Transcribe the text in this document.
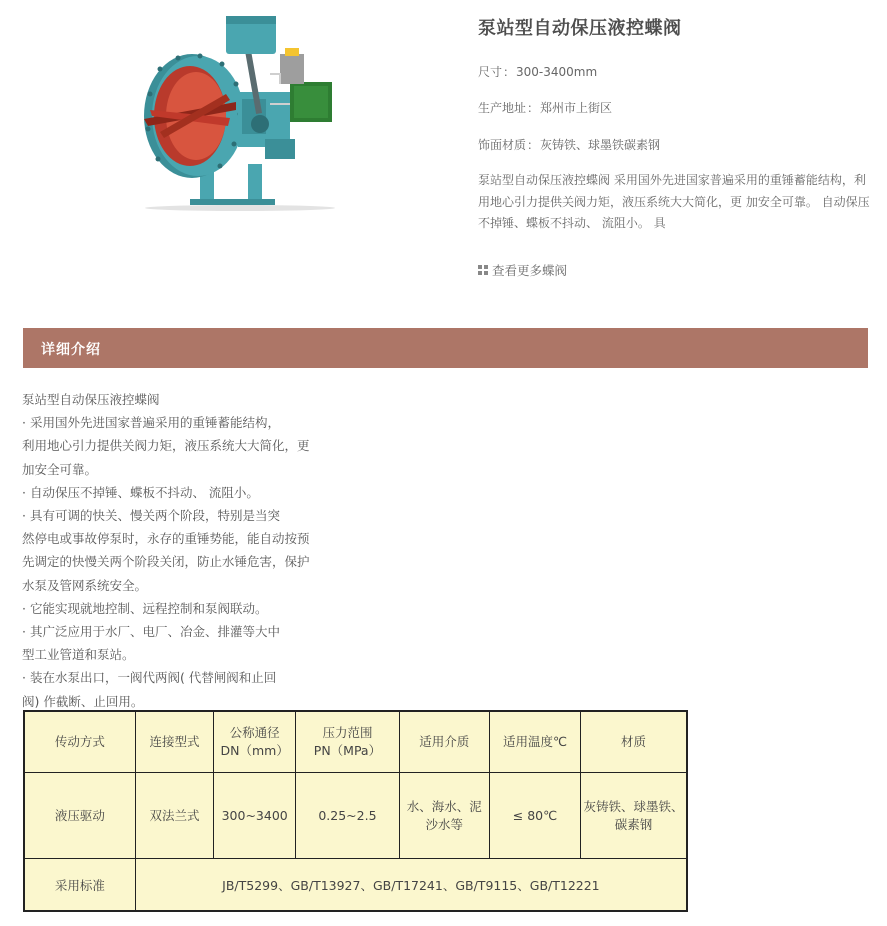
泵站型自动保压液控蝶阀
尺寸：300-3400mm
生产地址：郑州市上街区
饰面材质：灰铸铁、球墨铁碳素钢
泵站型自动保压液控蝶阀 采用国外先进国家普遍采用的重锤蓄能结构，利用地心引力提供关阀力矩，液压系统大大简化，更 加安全可靠。 自动保压不掉锤、蝶板不抖动、 流阻小。 具
查看更多蝶阀
详细介绍
泵站型自动保压液控蝶阀
· 采用国外先进国家普遍采用的重锤蓄能结构，
利用地心引力提供关阀力矩，液压系统大大简化，更
加安全可靠。
· 自动保压不掉锤、蝶板不抖动、 流阻小。
· 具有可调的快关、慢关两个阶段，特别是当突
然停电或事故停泵时，永存的重锤势能，能自动按预
先调定的快慢关两个阶段关闭，防止水锤危害，保护
水泵及管网系统安全。
· 它能实现就地控制、远程控制和泵阀联动。
· 其广泛应用于水厂、电厂、冶金、排灌等大中
型工业管道和泵站。
· 装在水泵出口，一阀代两阀( 代替闸阀和止回
阀) 作截断、止回用。
传动方式	连接型式	公称通径
DN（mm）	压力范围
PN（MPa）	适用介质	适用温度℃	材质
液压驱动	双法兰式	300~3400	0.25~2.5	水、海水、泥
沙水等	≤ 80℃	灰铸铁、球墨铁、
碳素钢
采用标准	JB/T5299、GB/T13927、GB/T17241、GB/T9115、GB/T12221					
